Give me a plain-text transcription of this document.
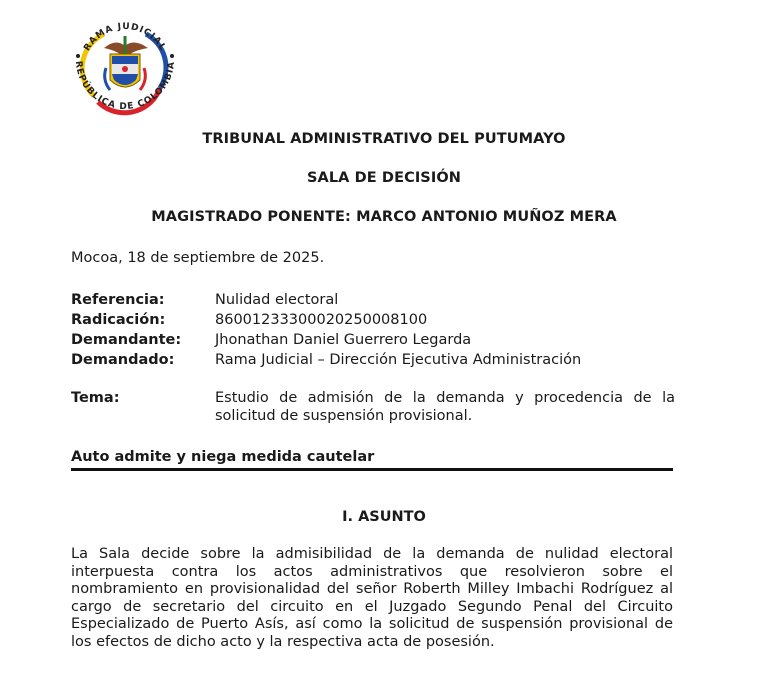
RAMA JUDICIAL
REPÚBLICA DE COLOMBIA
TRIBUNAL ADMINISTRATIVO DEL PUTUMAYO
SALA DE DECISIÓN
MAGISTRADO PONENTE: MARCO ANTONIO MUÑOZ MERA
Mocoa, 18 de septiembre de 2025.
Referencia:	Nulidad electoral
Radicación:	86001233300020250008100
Demandante:	Jhonathan Daniel Guerrero Legarda
Demandado:	Rama Judicial – Dirección Ejecutiva Administración
Tema:	Estudio de admisión de la demanda y procedencia de la solicitud de suspensión provisional.
Auto admite y niega medida cautelar
I. ASUNTO
La Sala decide sobre la admisibilidad de la demanda de nulidad electoral interpuesta contra los actos administrativos que resolvieron sobre el nombramiento en provisionalidad del señor Roberth Milley Imbachi Rodríguez al cargo de secretario del circuito en el Juzgado Segundo Penal del Circuito Especializado de Puerto Asís, así como la solicitud de suspensión provisional de los efectos de dicho acto y la respectiva acta de posesión.
